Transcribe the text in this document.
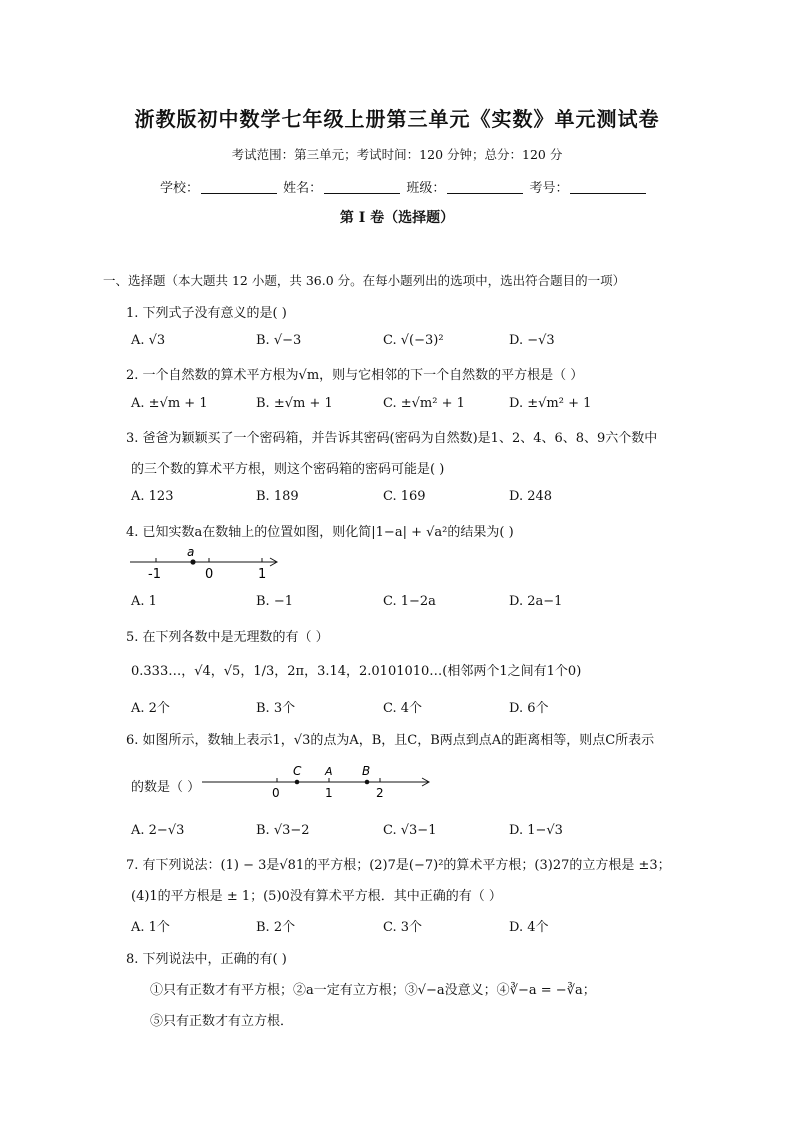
浙教版初中数学七年级上册第三单元《实数》单元测试卷
考试范围：第三单元；考试时间：120 分钟；总分：120 分
学校：	姓名：	班级：	考号：
第 I 卷（选择题）
一、选择题（本大题共 12 小题，共 36.0 分。在每小题列出的选项中，选出符合题目的一项）
1. 下列式子没有意义的是( )
A. √3	B. √−3	C. √(−3)²	D. −√3
2. 一个自然数的算术平方根为√m，则与它相邻的下一个自然数的平方根是（ ）
A. ±√m + 1	B. ±√m + 1	C. ±√m² + 1	D. ±√m² + 1
3. 爸爸为颖颖买了一个密码箱，并告诉其密码(密码为自然数)是1、2、4、6、8、9六个数中
的三个数的算术平方根，则这个密码箱的密码可能是( )
A. 123	B. 189	C. 169	D. 248
4. 已知实数a在数轴上的位置如图，则化简|1−a| + √a²的结果为( )
a
-1	0	1
A. 1	B. −1	C. 1−2a	D. 2a−1
5. 在下列各数中是无理数的有（ ）
0.333…，√4，√5，1/3，2π，3.14，2.0101010…(相邻两个1之间有1个0)
A. 2个	B. 3个	C. 4个	D. 6个
6. 如图所示，数轴上表示1，√3的点为A，B，且C，B两点到点A的距离相等，则点C所表示
的数是（ ）
C A B
0	1	2
A. 2−√3	B. √3−2	C. √3−1	D. 1−√3
7. 有下列说法：(1) − 3是√81的平方根；(2)7是(−7)²的算术平方根；(3)27的立方根是 ±3；
(4)1的平方根是 ± 1；(5)0没有算术平方根．其中正确的有（ ）
A. 1个	B. 2个	C. 3个	D. 4个
8. 下列说法中，正确的有( )
①只有正数才有平方根；②a一定有立方根；③√−a没意义；④∛−a = −∛a；
⑤只有正数才有立方根．
